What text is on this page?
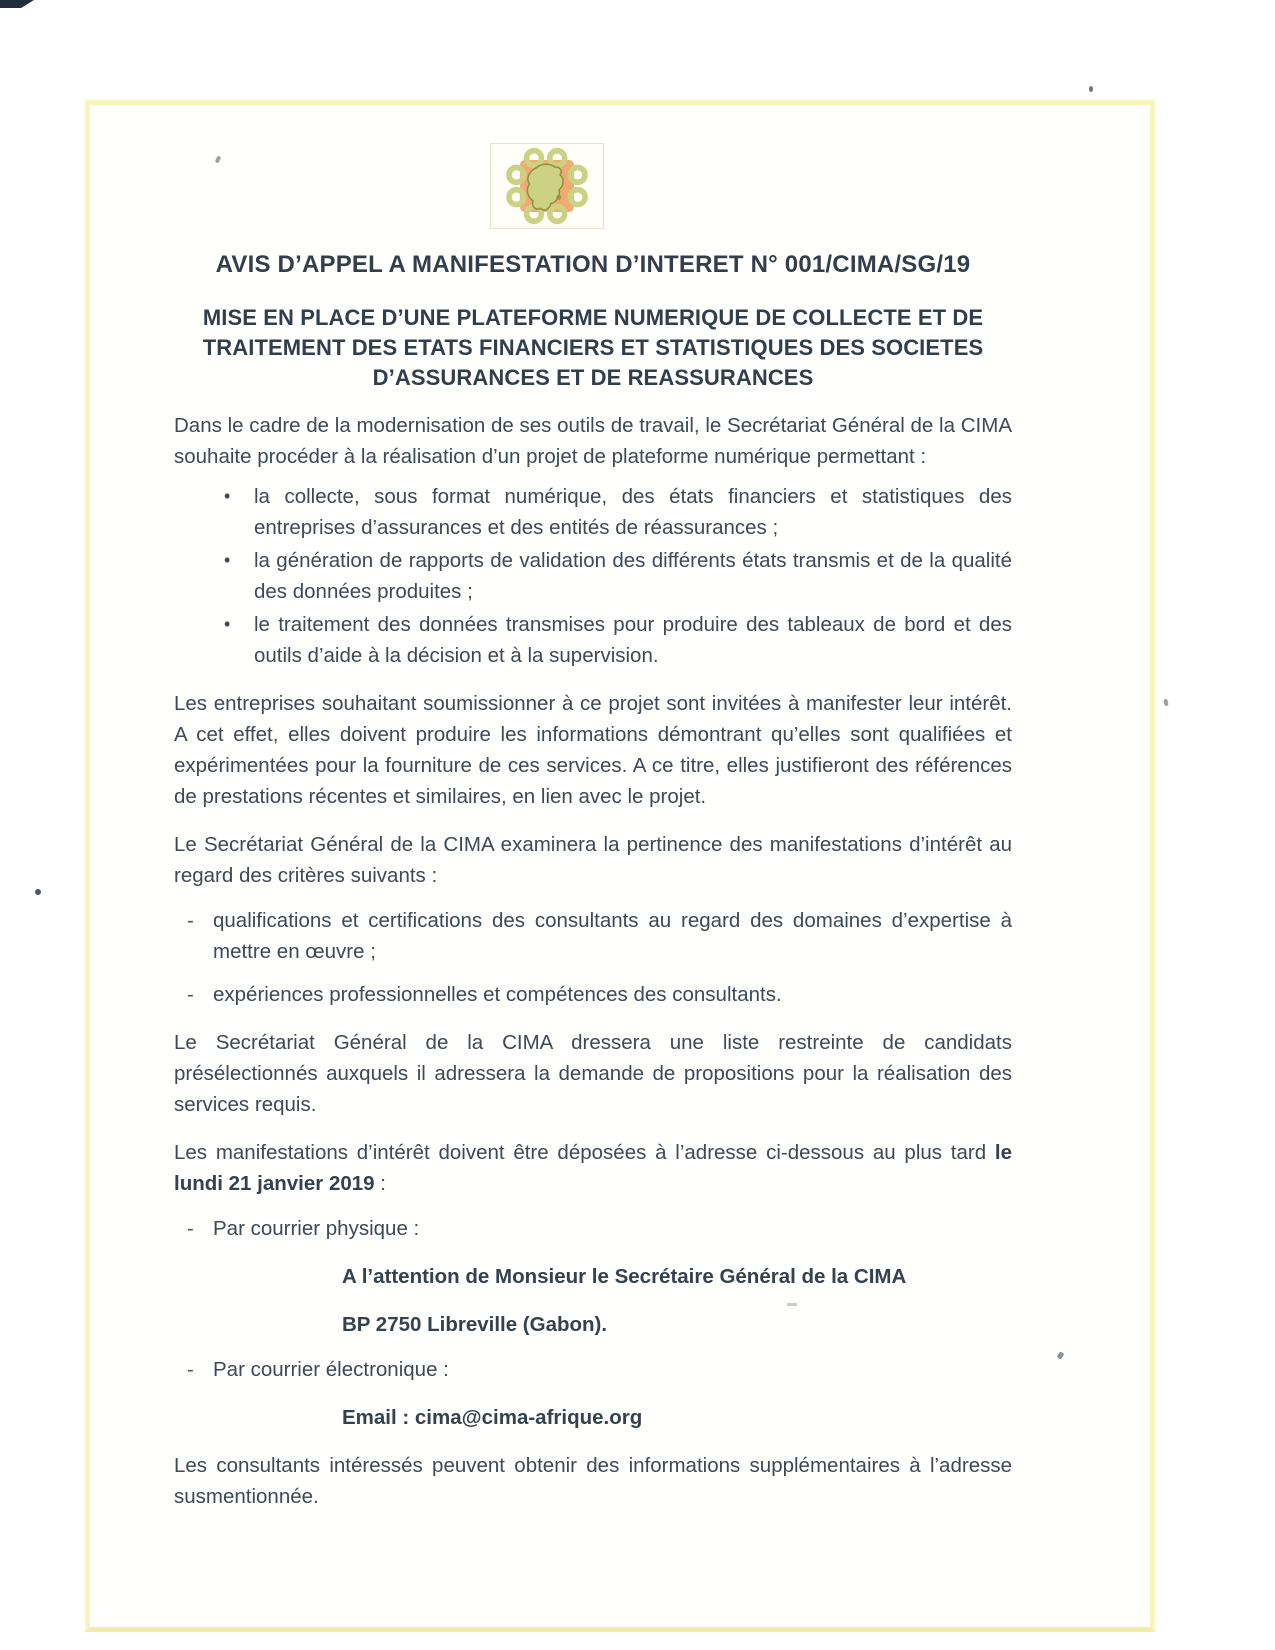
AVIS D’APPEL A MANIFESTATION D’INTERET N° 001/CIMA/SG/19
MISE EN PLACE D’UNE PLATEFORME NUMERIQUE DE COLLECTE ET DE TRAITEMENT DES ETATS FINANCIERS ET STATISTIQUES DES SOCIETES D’ASSURANCES ET DE REASSURANCES

Dans le cadre de la modernisation de ses outils de travail, le Secrétariat Général de la CIMA souhaite procéder à la réalisation d’un projet de plateforme numérique permettant :

•	la collecte, sous format numérique, des états financiers et statistiques des entreprises d’assurances et des entités de réassurances ;
•	la génération de rapports de validation des différents états transmis et de la qualité des données produites ;
•	le traitement des données transmises pour produire des tableaux de bord et des outils d’aide à la décision et à la supervision.

Les entreprises souhaitant soumissionner à ce projet sont invitées à manifester leur intérêt. A cet effet, elles doivent produire les informations démontrant qu’elles sont qualifiées et expérimentées pour la fourniture de ces services. A ce titre, elles justifieront des références de prestations récentes et similaires, en lien avec le projet.

Le Secrétariat Général de la CIMA examinera la pertinence des manifestations d’intérêt au regard des critères suivants :

- qualifications et certifications des consultants au regard des domaines d’expertise à mettre en œuvre ;
- expériences professionnelles et compétences des consultants.

Le Secrétariat Général de la CIMA dressera une liste restreinte de candidats présélectionnés auxquels il adressera la demande de propositions pour la réalisation des services requis.

Les manifestations d’intérêt doivent être déposées à l’adresse ci-dessous au plus tard le lundi 21 janvier 2019 :

- Par courrier physique :

A l’attention de Monsieur le Secrétaire Général de la CIMA

BP 2750 Libreville (Gabon).

- Par courrier électronique :

Email : cima@cima-afrique.org

Les consultants intéressés peuvent obtenir des informations supplémentaires à l’adresse susmentionnée.
